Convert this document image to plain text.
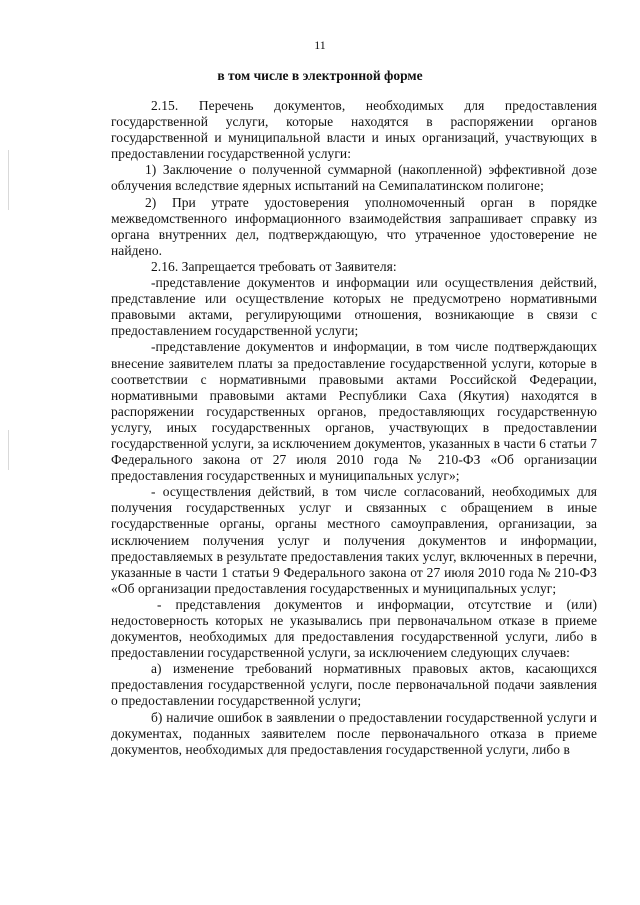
11
в том числе в электронной форме

2.15. Перечень документов, необходимых для предоставления государственной услуги, которые находятся в распоряжении органов государственной и муниципальной власти и иных организаций, участвующих в предоставлении государственной услуги:

1) Заключение о полученной суммарной (накопленной) эффективной дозе облучения вследствие ядерных испытаний на Семипалатинском полигоне;

2) При утрате удостоверения уполномоченный орган в порядке межведомственного информационного взаимодействия запрашивает справку из органа внутренних дел, подтверждающую, что утраченное удостоверение не найдено.

2.16. Запрещается требовать от Заявителя:

-представление документов и информации или осуществления действий, представление или осуществление которых не предусмотрено нормативными правовыми актами, регулирующими отношения, возникающие в связи с предоставлением государственной услуги;

-представление документов и информации, в том числе подтверждающих внесение заявителем платы за предоставление государственной услуги, которые в соответствии с нормативными правовыми актами Российской Федерации, нормативными правовыми актами Республики Саха (Якутия) находятся в распоряжении государственных органов, предоставляющих государственную услугу, иных государственных органов, участвующих в предоставлении государственной услуги, за исключением документов, указанных в части 6 статьи 7 Федерального закона от 27 июля 2010 года № 210-ФЗ «Об организации предоставления государственных и муниципальных услуг»;

- осуществления действий, в том числе согласований, необходимых для получения государственных услуг и связанных с обращением в иные государственные органы, органы местного самоуправления, организации, за исключением получения услуг и получения документов и информации, предоставляемых в результате предоставления таких услуг, включенных в перечни, указанные в части 1 статьи 9 Федерального закона от 27 июля 2010 года № 210-ФЗ «Об организации предоставления государственных и муниципальных услуг;

- представления документов и информации, отсутствие и (или) недостоверность которых не указывались при первоначальном отказе в приеме документов, необходимых для предоставления государственной услуги, либо в предоставлении государственной услуги, за исключением следующих случаев:

а) изменение требований нормативных правовых актов, касающихся предоставления государственной услуги, после первоначальной подачи заявления о предоставлении государственной услуги;

б) наличие ошибок в заявлении о предоставлении государственной услуги и документах, поданных заявителем после первоначального отказа в приеме документов, необходимых для предоставления государственной услуги, либо в
